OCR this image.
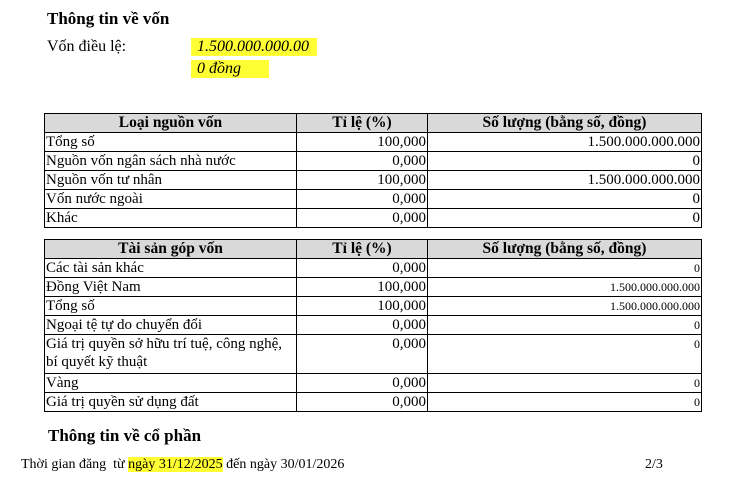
Thông tin về vốn
Vốn điều lệ:	1.500.000.000.00
0 đồng
Loại nguồn vốn	Tỉ lệ (%)	Số lượng (bằng số, đồng)
Tổng số	100,000	1.500.000.000.000
Nguồn vốn ngân sách nhà nước	0,000	0
Nguồn vốn tư nhân	100,000	1.500.000.000.000
Vốn nước ngoài	0,000	0
Khác	0,000	0
Tài sản góp vốn	Tỉ lệ (%)	Số lượng (bằng số, đồng)
Các tài sản khác	0,000	0
Đồng Việt Nam	100,000	1.500.000.000.000
Tổng số	100,000	1.500.000.000.000
Ngoại tệ tự do chuyển đổi	0,000	0
Giá trị quyền sở hữu trí tuệ, công nghệ, bí quyết kỹ thuật	0,000	0
Vàng	0,000	0
Giá trị quyền sử dụng đất	0,000	0
Thông tin về cổ phần
Thời gian đăng  từ ngày 31/12/2025 đến ngày 30/01/2026	2/3
